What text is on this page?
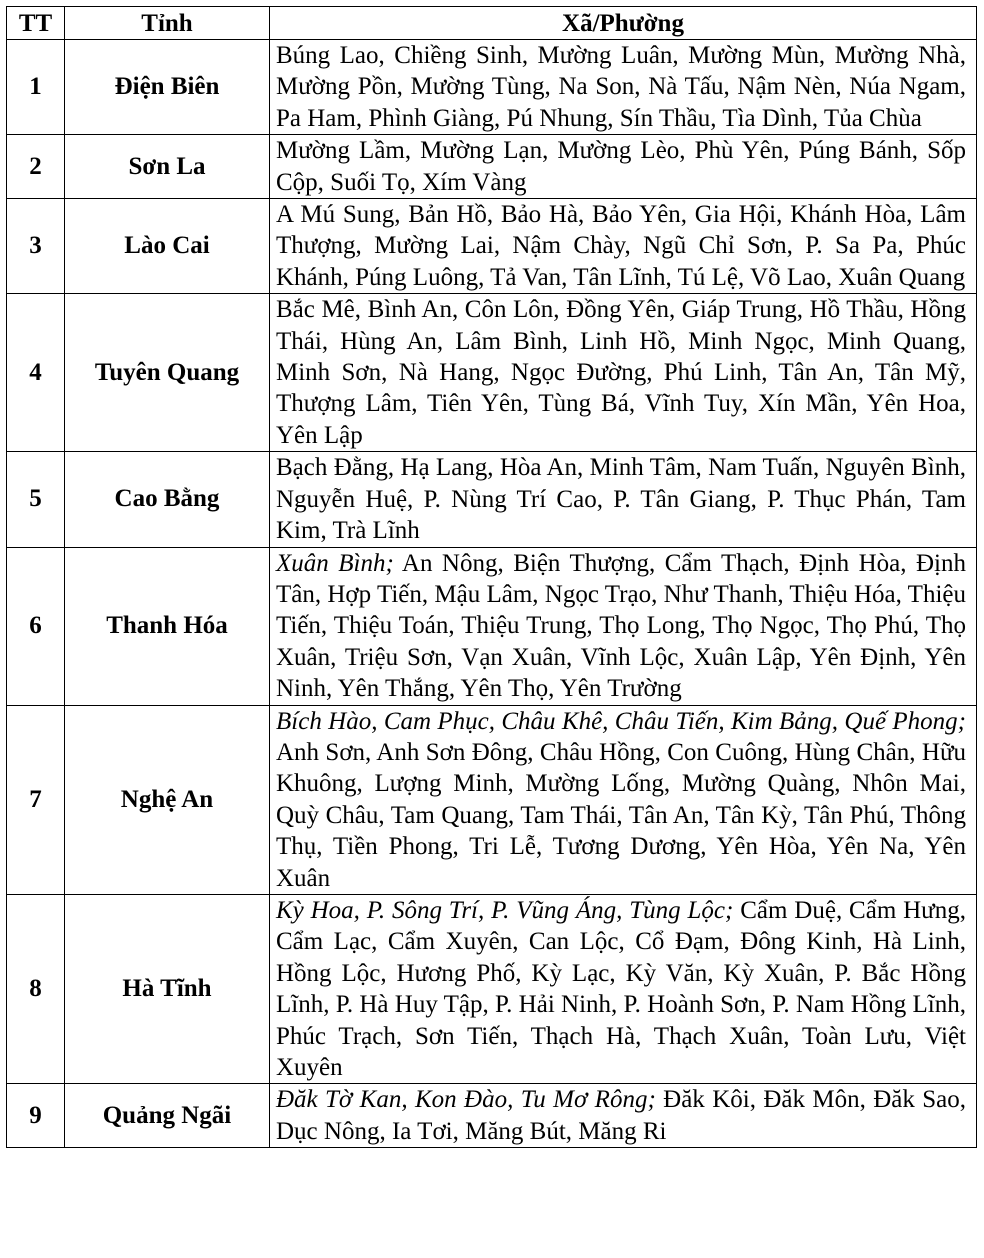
TT	Tỉnh	Xã/Phường
1	Điện Biên	Búng Lao, Chiềng Sinh, Mường Luân, Mường Mùn, Mường Nhà, Mường Pồn, Mường Tùng, Na Son, Nà Tấu, Nậm Nèn, Núa Ngam, Pa Ham, Phình Giàng, Pú Nhung, Sín Thầu, Tìa Dình, Tủa Chùa
2	Sơn La	Mường Lầm, Mường Lạn, Mường Lèo, Phù Yên, Púng Bánh, Sốp Cộp, Suối Tọ, Xím Vàng
3	Lào Cai	A Mú Sung, Bản Hồ, Bảo Hà, Bảo Yên, Gia Hội, Khánh Hòa, Lâm Thượng, Mường Lai, Nậm Chày, Ngũ Chỉ Sơn, P. Sa Pa, Phúc Khánh, Púng Luông, Tả Van, Tân Lĩnh, Tú Lệ, Võ Lao, Xuân Quang
4	Tuyên Quang	Bắc Mê, Bình An, Côn Lôn, Đồng Yên, Giáp Trung, Hồ Thầu, Hồng Thái, Hùng An, Lâm Bình, Linh Hồ, Minh Ngọc, Minh Quang, Minh Sơn, Nà Hang, Ngọc Đường, Phú Linh, Tân An, Tân Mỹ, Thượng Lâm, Tiên Yên, Tùng Bá, Vĩnh Tuy, Xín Mần, Yên Hoa, Yên Lập
5	Cao Bằng	Bạch Đằng, Hạ Lang, Hòa An, Minh Tâm, Nam Tuấn, Nguyên Bình, Nguyễn Huệ, P. Nùng Trí Cao, P. Tân Giang, P. Thục Phán, Tam Kim, Trà Lĩnh
6	Thanh Hóa	Xuân Bình; An Nông, Biện Thượng, Cẩm Thạch, Định Hòa, Định Tân, Hợp Tiến, Mậu Lâm, Ngọc Trạo, Như Thanh, Thiệu Hóa, Thiệu Tiến, Thiệu Toán, Thiệu Trung, Thọ Long, Thọ Ngọc, Thọ Phú, Thọ Xuân, Triệu Sơn, Vạn Xuân, Vĩnh Lộc, Xuân Lập, Yên Định, Yên Ninh, Yên Thắng, Yên Thọ, Yên Trường
7	Nghệ An	Bích Hào, Cam Phục, Châu Khê, Châu Tiến, Kim Bảng, Quế Phong; Anh Sơn, Anh Sơn Đông, Châu Hồng, Con Cuông, Hùng Chân, Hữu Khuông, Lượng Minh, Mường Lống, Mường Quàng, Nhôn Mai, Quỳ Châu, Tam Quang, Tam Thái, Tân An, Tân Kỳ, Tân Phú, Thông Thụ, Tiền Phong, Tri Lễ, Tương Dương, Yên Hòa, Yên Na, Yên Xuân
8	Hà Tĩnh	Kỳ Hoa, P. Sông Trí, P. Vũng Áng, Tùng Lộc; Cẩm Duệ, Cẩm Hưng, Cẩm Lạc, Cẩm Xuyên, Can Lộc, Cổ Đạm, Đông Kinh, Hà Linh, Hồng Lộc, Hương Phố, Kỳ Lạc, Kỳ Văn, Kỳ Xuân, P. Bắc Hồng Lĩnh, P. Hà Huy Tập, P. Hải Ninh, P. Hoành Sơn, P. Nam Hồng Lĩnh, Phúc Trạch, Sơn Tiến, Thạch Hà, Thạch Xuân, Toàn Lưu, Việt Xuyên
9	Quảng Ngãi	Đăk Tờ Kan, Kon Đào, Tu Mơ Rông; Đăk Kôi, Đăk Môn, Đăk Sao, Dục Nông, Ia Tơi, Măng Bút, Măng Ri
